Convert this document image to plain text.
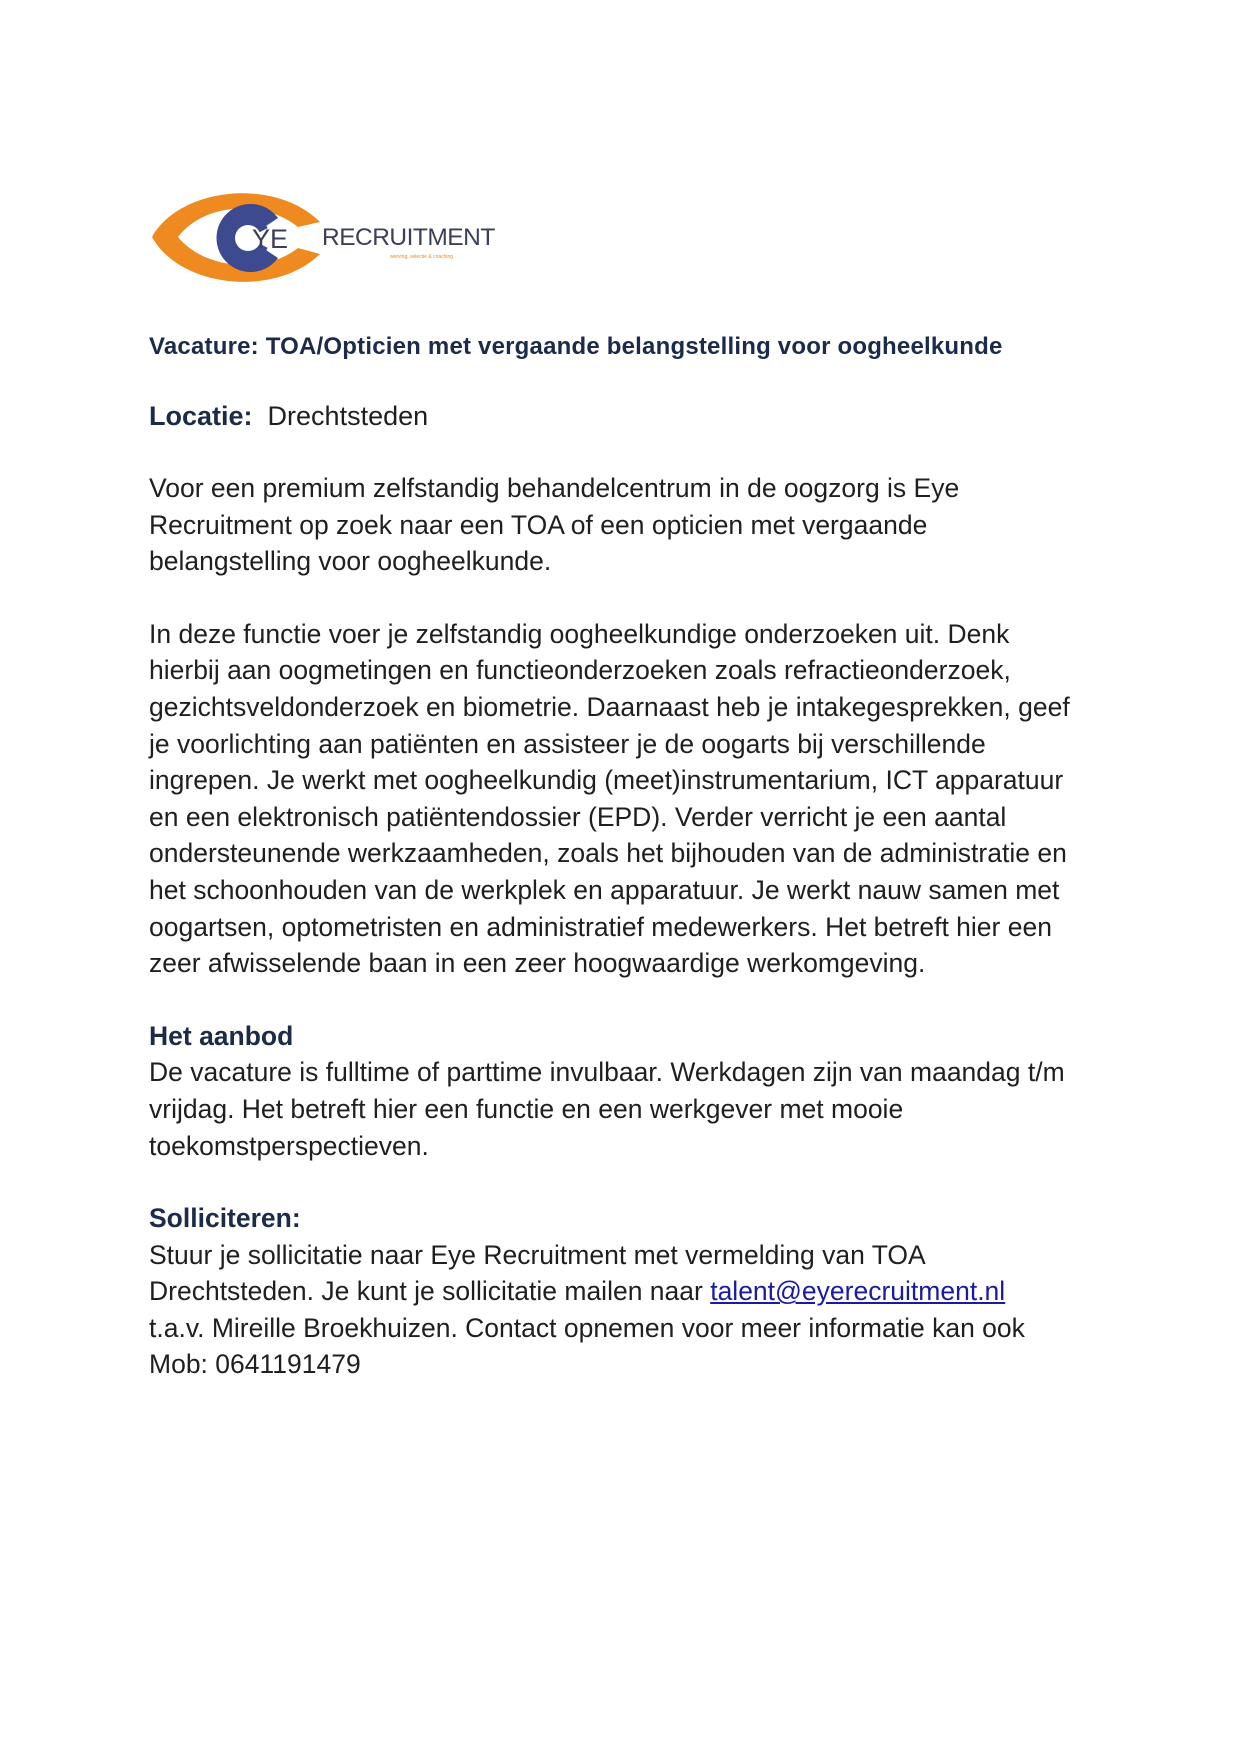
YE RECRUITMENT
werving, selectie & coaching

Vacature: TOA/Opticien met vergaande belangstelling voor oogheelkunde

Locatie: Drechtsteden

Voor een premium zelfstandig behandelcentrum in de oogzorg is Eye

Recruitment op zoek naar een TOA of een opticien met vergaande

belangstelling voor oogheelkunde.

In deze functie voer je zelfstandig oogheelkundige onderzoeken uit. Denk

hierbij aan oogmetingen en functieonderzoeken zoals refractieonderzoek,

gezichtsveldonderzoek en biometrie. Daarnaast heb je intakegesprekken, geef

je voorlichting aan patiënten en assisteer je de oogarts bij verschillende

ingrepen. Je werkt met oogheelkundig (meet)instrumentarium, ICT apparatuur

en een elektronisch patiëntendossier (EPD). Verder verricht je een aantal

ondersteunende werkzaamheden, zoals het bijhouden van de administratie en

het schoonhouden van de werkplek en apparatuur. Je werkt nauw samen met

oogartsen, optometristen en administratief medewerkers. Het betreft hier een

zeer afwisselende baan in een zeer hoogwaardige werkomgeving.

Het aanbod

De vacature is fulltime of parttime invulbaar. Werkdagen zijn van maandag t/m

vrijdag. Het betreft hier een functie en een werkgever met mooie

toekomstperspectieven.

Solliciteren:

Stuur je sollicitatie naar Eye Recruitment met vermelding van TOA

Drechtsteden. Je kunt je sollicitatie mailen naar talent@eyerecruitment.nl

t.a.v. Mireille Broekhuizen. Contact opnemen voor meer informatie kan ook

Mob: 0641191479
